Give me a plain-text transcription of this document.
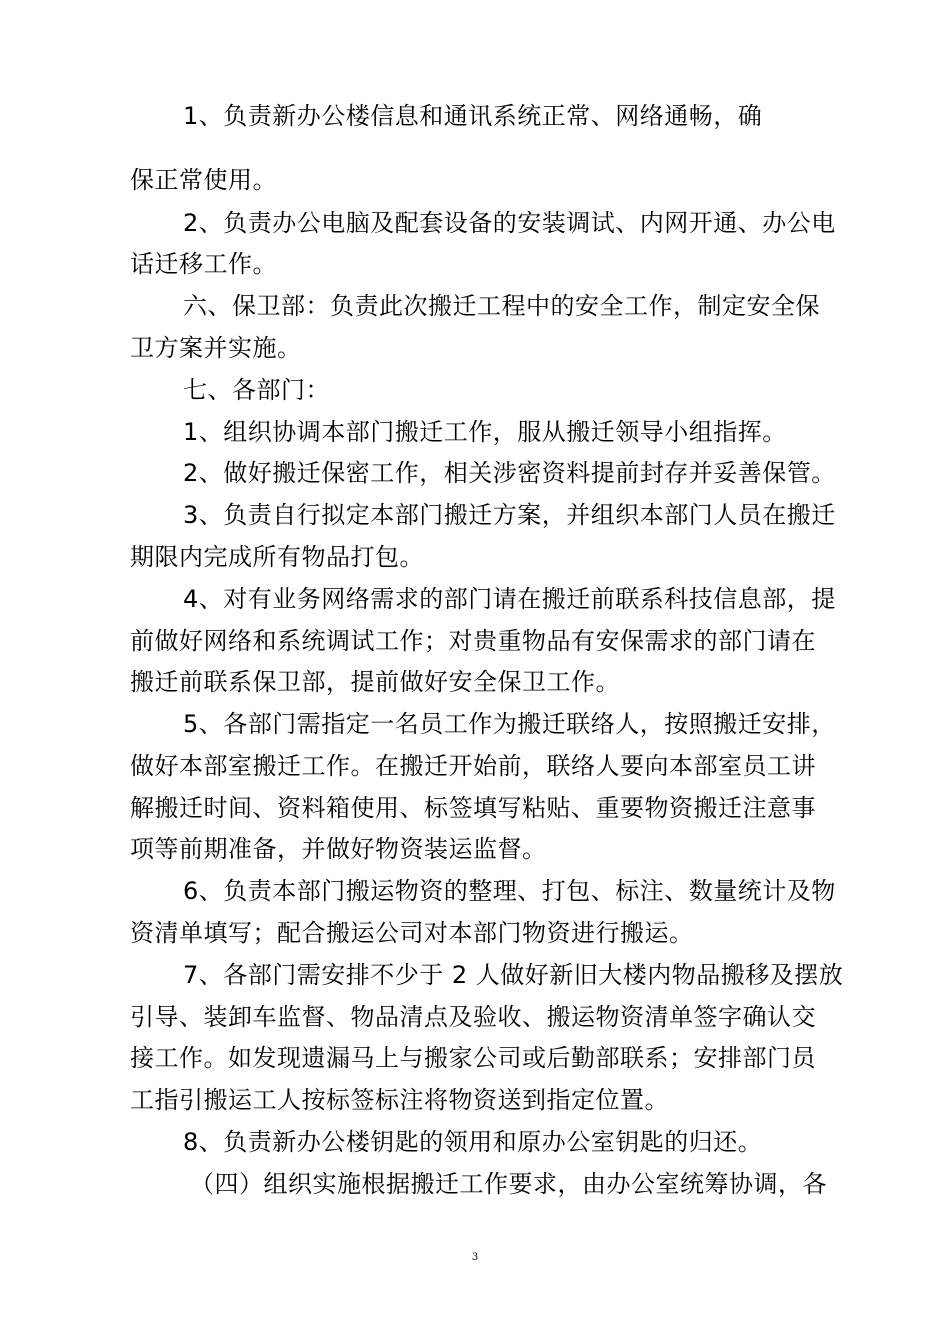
1、负责新办公楼信息和通讯系统正常、网络通畅，确
保正常使用。
2、负责办公电脑及配套设备的安装调试、内网开通、办公电
话迁移工作。
六、保卫部：负责此次搬迁工程中的安全工作，制定安全保
卫方案并实施。
七、各部门：
1、组织协调本部门搬迁工作，服从搬迁领导小组指挥。
2、做好搬迁保密工作，相关涉密资料提前封存并妥善保管。
3、负责自行拟定本部门搬迁方案，并组织本部门人员在搬迁
期限内完成所有物品打包。
4、对有业务网络需求的部门请在搬迁前联系科技信息部，提
前做好网络和系统调试工作；对贵重物品有安保需求的部门请在
搬迁前联系保卫部，提前做好安全保卫工作。
5、各部门需指定一名员工作为搬迁联络人，按照搬迁安排，
做好本部室搬迁工作。在搬迁开始前，联络人要向本部室员工讲
解搬迁时间、资料箱使用、标签填写粘贴、重要物资搬迁注意事
项等前期准备，并做好物资装运监督。
6、负责本部门搬运物资的整理、打包、标注、数量统计及物
资清单填写；配合搬运公司对本部门物资进行搬运。
7、各部门需安排不少于 2 人做好新旧大楼内物品搬移及摆放
引导、装卸车监督、物品清点及验收、搬运物资清单签字确认交
接工作。如发现遗漏马上与搬家公司或后勤部联系；安排部门员
工指引搬运工人按标签标注将物资送到指定位置。
8、负责新办公楼钥匙的领用和原办公室钥匙的归还。
（四）组织实施根据搬迁工作要求，由办公室统筹协调，各
3
